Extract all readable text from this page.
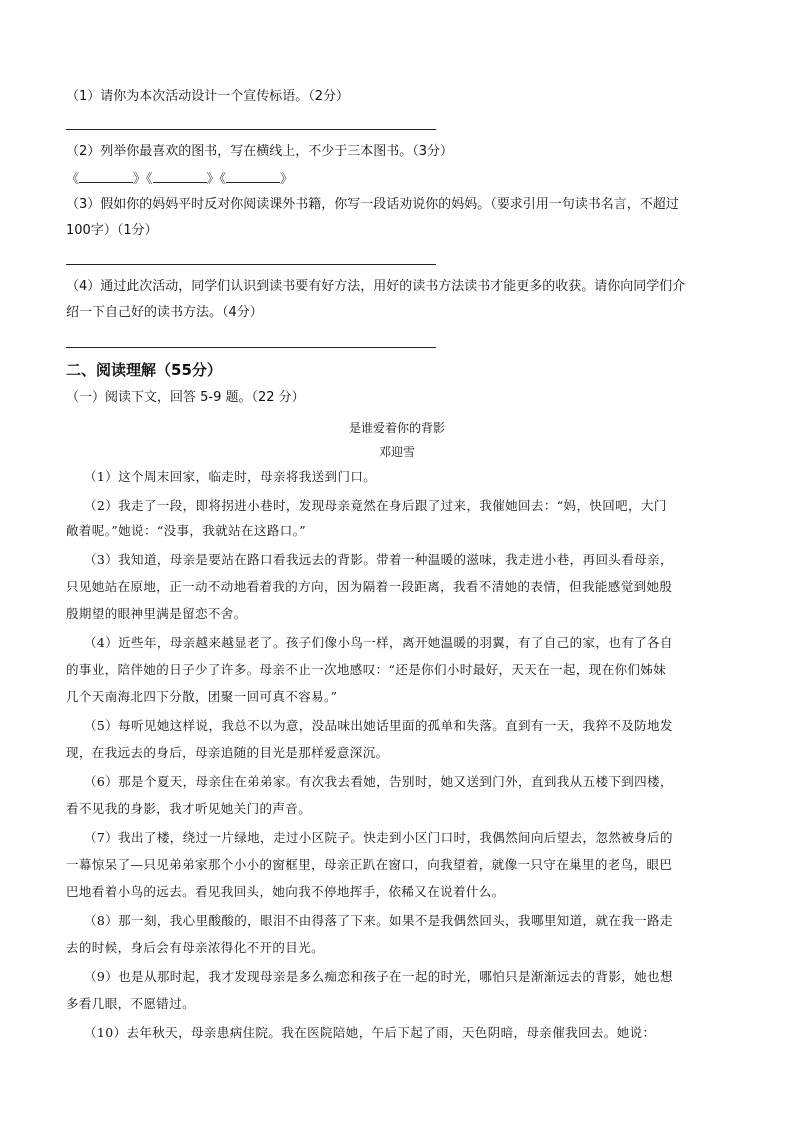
（1）请你为本次活动设计一个宣传标语。（2分）
（2）列举你最喜欢的图书，写在横线上，不少于三本图书。（3分）
《	》《	》《	》
（3）假如你的妈妈平时反对你阅读课外书籍，你写一段话劝说你的妈妈。（要求引用一句读书名言，不超过
100字）（1分）
（4）通过此次活动，同学们认识到读书要有好方法，用好的读书方法读书才能更多的收获。请你向同学们介
绍一下自己好的读书方法。（4分）
二、阅读理解（55分）
（一）阅读下文，回答 5-9 题。（22 分）
是谁爱着你的背影
邓迎雪
（1）这个周末回家，临走时，母亲将我送到门口。
（2）我走了一段，即将拐进小巷时，发现母亲竟然在身后跟了过来，我催她回去：“妈，快回吧，大门
敞着呢。”她说：“没事，我就站在这路口。”
（3）我知道，母亲是要站在路口看我远去的背影。带着一种温暖的滋味，我走进小巷，再回头看母亲，
只见她站在原地，正一动不动地看着我的方向，因为隔着一段距离，我看不清她的表情，但我能感觉到她殷
殷期望的眼神里满是留恋不舍。
（4）近些年，母亲越来越显老了。孩子们像小鸟一样，离开她温暖的羽翼，有了自己的家，也有了各自
的事业，陪伴她的日子少了许多。母亲不止一次地感叹：“还是你们小时最好，天天在一起，现在你们姊妹
几个天南海北四下分散，团聚一回可真不容易。”
（5）每听见她这样说，我总不以为意，没品味出她话里面的孤单和失落。直到有一天，我猝不及防地发
现，在我远去的身后，母亲追随的目光是那样爱意深沉。
（6）那是个夏天，母亲住在弟弟家。有次我去看她，告别时，她又送到门外，直到我从五楼下到四楼，
看不见我的身影，我才听见她关门的声音。
（7）我出了楼，绕过一片绿地，走过小区院子。快走到小区门口时，我偶然间向后望去，忽然被身后的
一幕惊呆了—只见弟弟家那个小小的窗框里，母亲正趴在窗口，向我望着，就像一只守在巢里的老鸟，眼巴
巴地看着小鸟的远去。看见我回头，她向我不停地挥手，依稀又在说着什么。
（8）那一刻，我心里酸酸的，眼泪不由得落了下来。如果不是我偶然回头，我哪里知道，就在我一路走
去的时候，身后会有母亲浓得化不开的目光。
（9）也是从那时起，我才发现母亲是多么痴恋和孩子在一起的时光，哪怕只是渐渐远去的背影，她也想
多看几眼，不愿错过。
（10）去年秋天，母亲患病住院。我在医院陪她，午后下起了雨，天色阴暗，母亲催我回去。她说：
